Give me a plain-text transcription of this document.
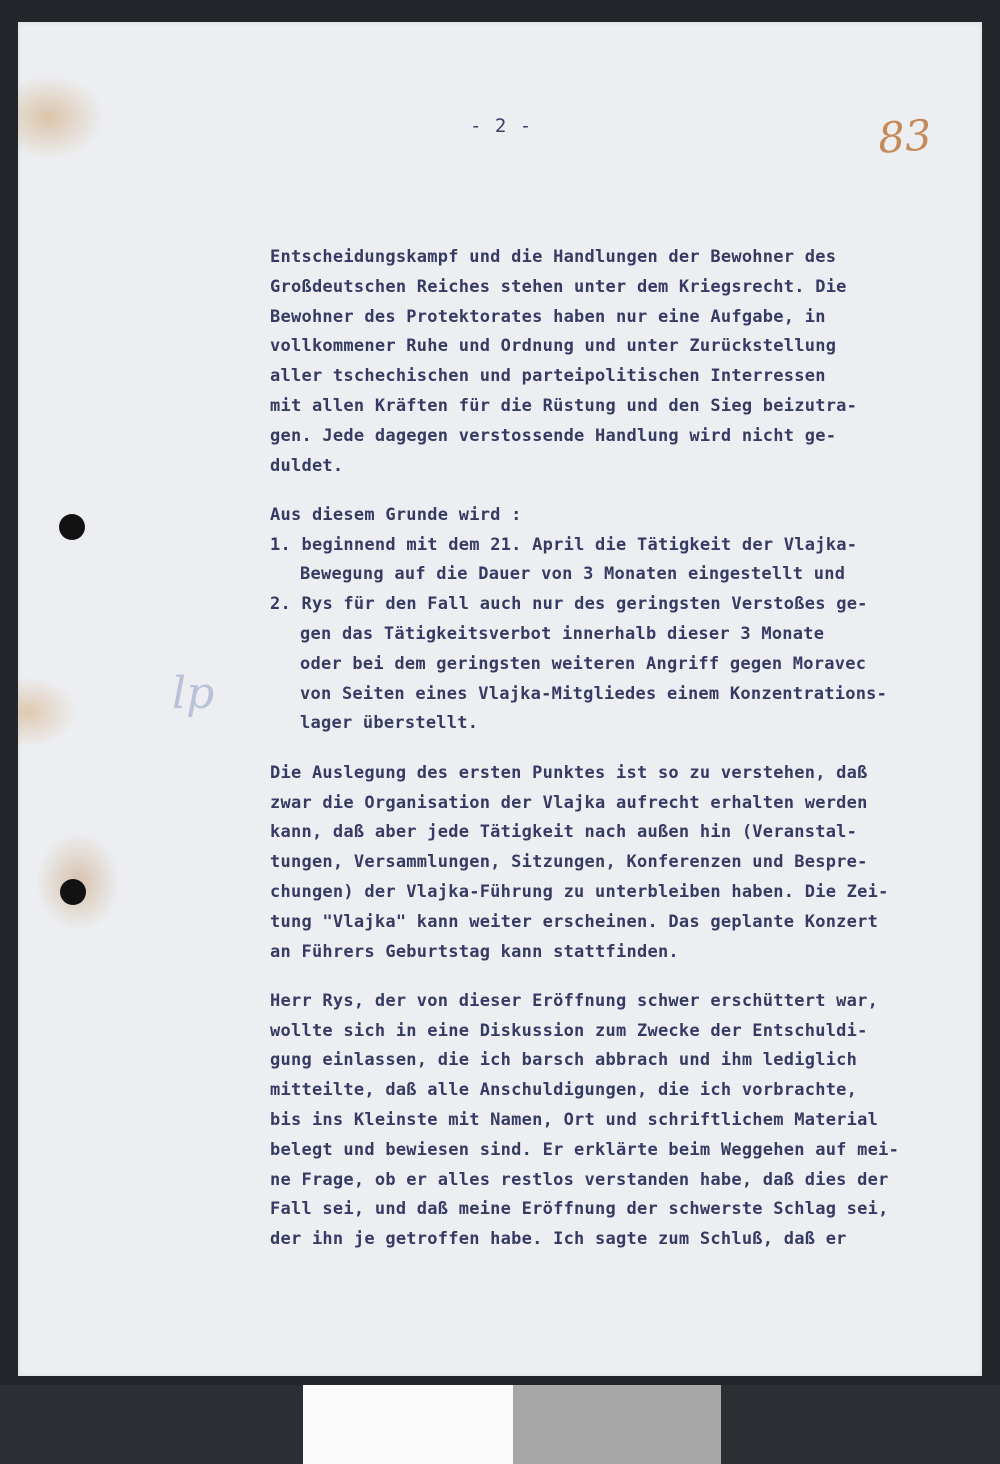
- 2 -	83
lp
Entscheidungskampf und die Handlungen der Bewohner des
Großdeutschen Reiches stehen unter dem Kriegsrecht. Die
Bewohner des Protektorates haben nur eine Aufgabe, in
vollkommener Ruhe und Ordnung und unter Zurückstellung
aller tschechischen und parteipolitischen Interressen
mit allen Kräften für die Rüstung und den Sieg beizutra-
gen. Jede dagegen verstossende Handlung wird nicht ge-
duldet.
Aus diesem Grunde wird :
1. beginnend mit dem 21. April die Tätigkeit der Vlajka-
Bewegung auf die Dauer von 3 Monaten eingestellt und
2. Rys für den Fall auch nur des geringsten Verstoßes ge-
gen das Tätigkeitsverbot innerhalb dieser 3 Monate
oder bei dem geringsten weiteren Angriff gegen Moravec
von Seiten eines Vlajka-Mitgliedes einem Konzentrations-
lager überstellt.
Die Auslegung des ersten Punktes ist so zu verstehen, daß
zwar die Organisation der Vlajka aufrecht erhalten werden
kann, daß aber jede Tätigkeit nach außen hin (Veranstal-
tungen, Versammlungen, Sitzungen, Konferenzen und Bespre-
chungen) der Vlajka-Führung zu unterbleiben haben. Die Zei-
tung "Vlajka" kann weiter erscheinen. Das geplante Konzert
an Führers Geburtstag kann stattfinden.
Herr Rys, der von dieser Eröffnung schwer erschüttert war,
wollte sich in eine Diskussion zum Zwecke der Entschuldi-
gung einlassen, die ich barsch abbrach und ihm lediglich
mitteilte, daß alle Anschuldigungen, die ich vorbrachte,
bis ins Kleinste mit Namen, Ort und schriftlichem Material
belegt und bewiesen sind. Er erklärte beim Weggehen auf mei-
ne Frage, ob er alles restlos verstanden habe, daß dies der
Fall sei, und daß meine Eröffnung der schwerste Schlag sei,
der ihn je getroffen habe. Ich sagte zum Schluß, daß er
